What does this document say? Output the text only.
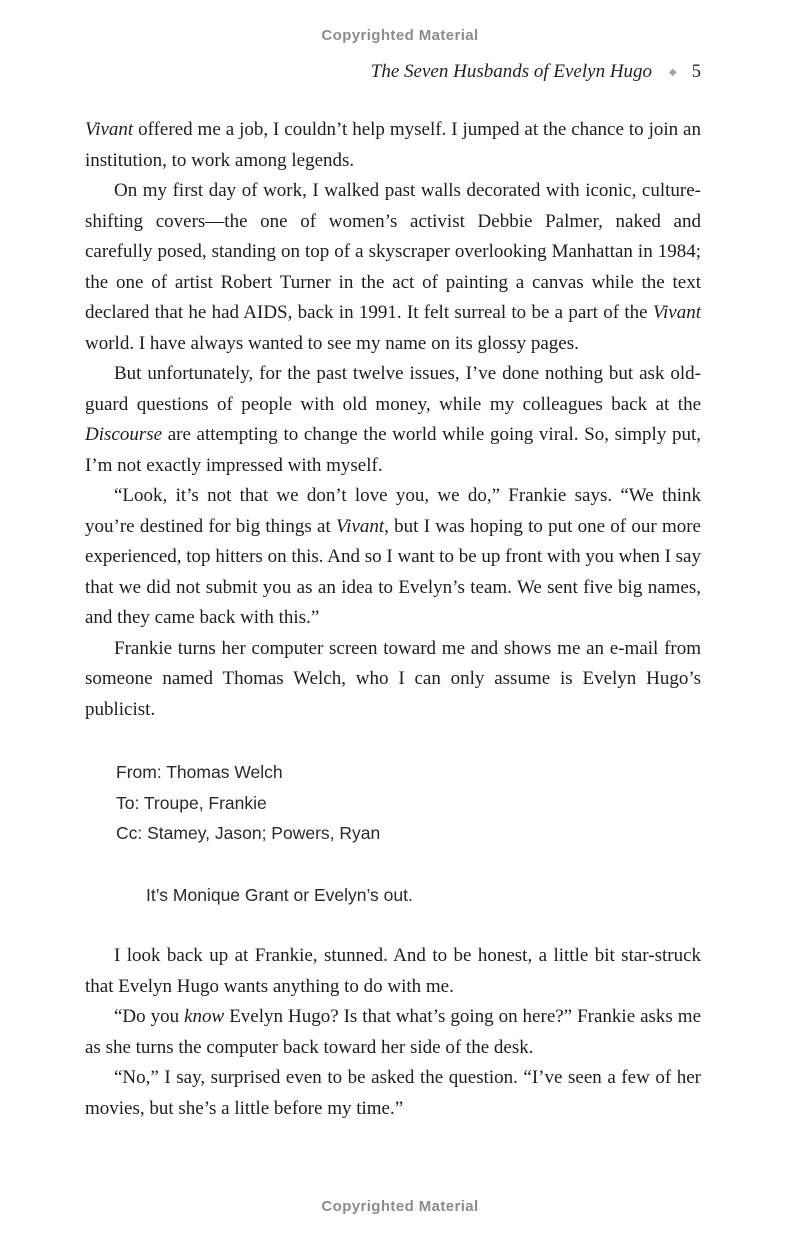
Copyrighted Material
The Seven Husbands of Evelyn Hugo ◆ 5

Vivant offered me a job, I couldn’t help myself. I jumped at the chance to join an institution, to work among legends.

On my first day of work, I walked past walls decorated with iconic, culture-shifting covers—the one of women’s activist Debbie Palmer, naked and carefully posed, standing on top of a skyscraper overlooking Manhattan in 1984; the one of artist Robert Turner in the act of painting a canvas while the text declared that he had AIDS, back in 1991. It felt surreal to be a part of the Vivant world. I have always wanted to see my name on its glossy pages.

But unfortunately, for the past twelve issues, I’ve done nothing but ask old-guard questions of people with old money, while my colleagues back at the Discourse are attempting to change the world while going viral. So, simply put, I’m not exactly impressed with myself.

“Look, it’s not that we don’t love you, we do,” Frankie says. “We think you’re destined for big things at Vivant, but I was hoping to put one of our more experienced, top hitters on this. And so I want to be up front with you when I say that we did not submit you as an idea to Evelyn’s team. We sent five big names, and they came back with this.”

Frankie turns her computer screen toward me and shows me an e-mail from someone named Thomas Welch, who I can only assume is Evelyn Hugo’s publicist.

From: Thomas Welch
To: Troupe, Frankie
Cc: Stamey, Jason; Powers, Ryan
It’s Monique Grant or Evelyn’s out.

I look back up at Frankie, stunned. And to be honest, a little bit star-struck that Evelyn Hugo wants anything to do with me.

“Do you know Evelyn Hugo? Is that what’s going on here?” Frankie asks me as she turns the computer back toward her side of the desk.

“No,” I say, surprised even to be asked the question. “I’ve seen a few of her movies, but she’s a little before my time.”

Copyrighted Material
